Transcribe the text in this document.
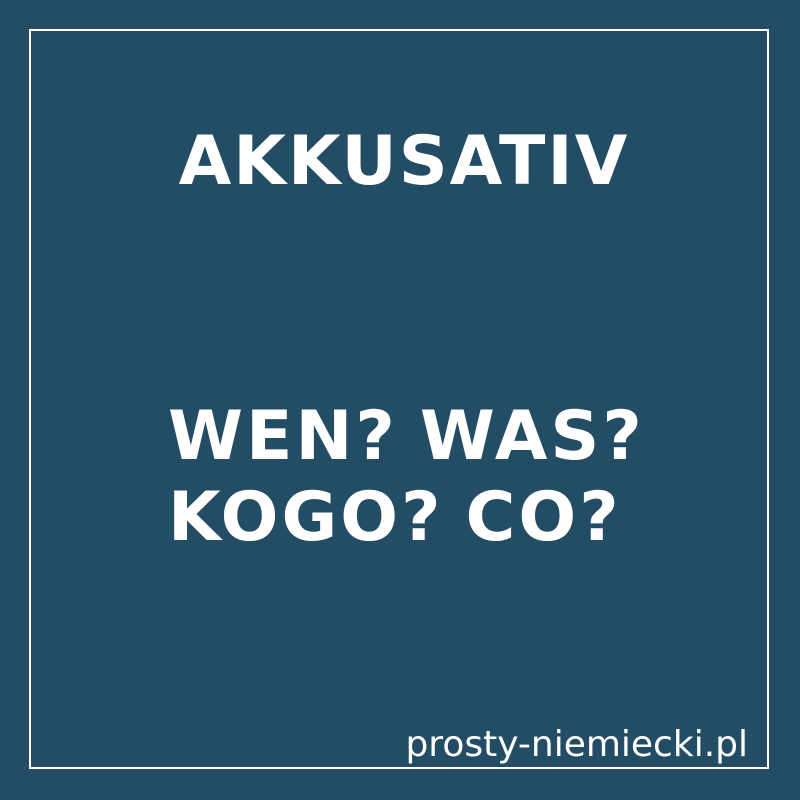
AKKUSATIV
WEN? WAS?
KOGO? CO?
prosty-niemiecki.pl
